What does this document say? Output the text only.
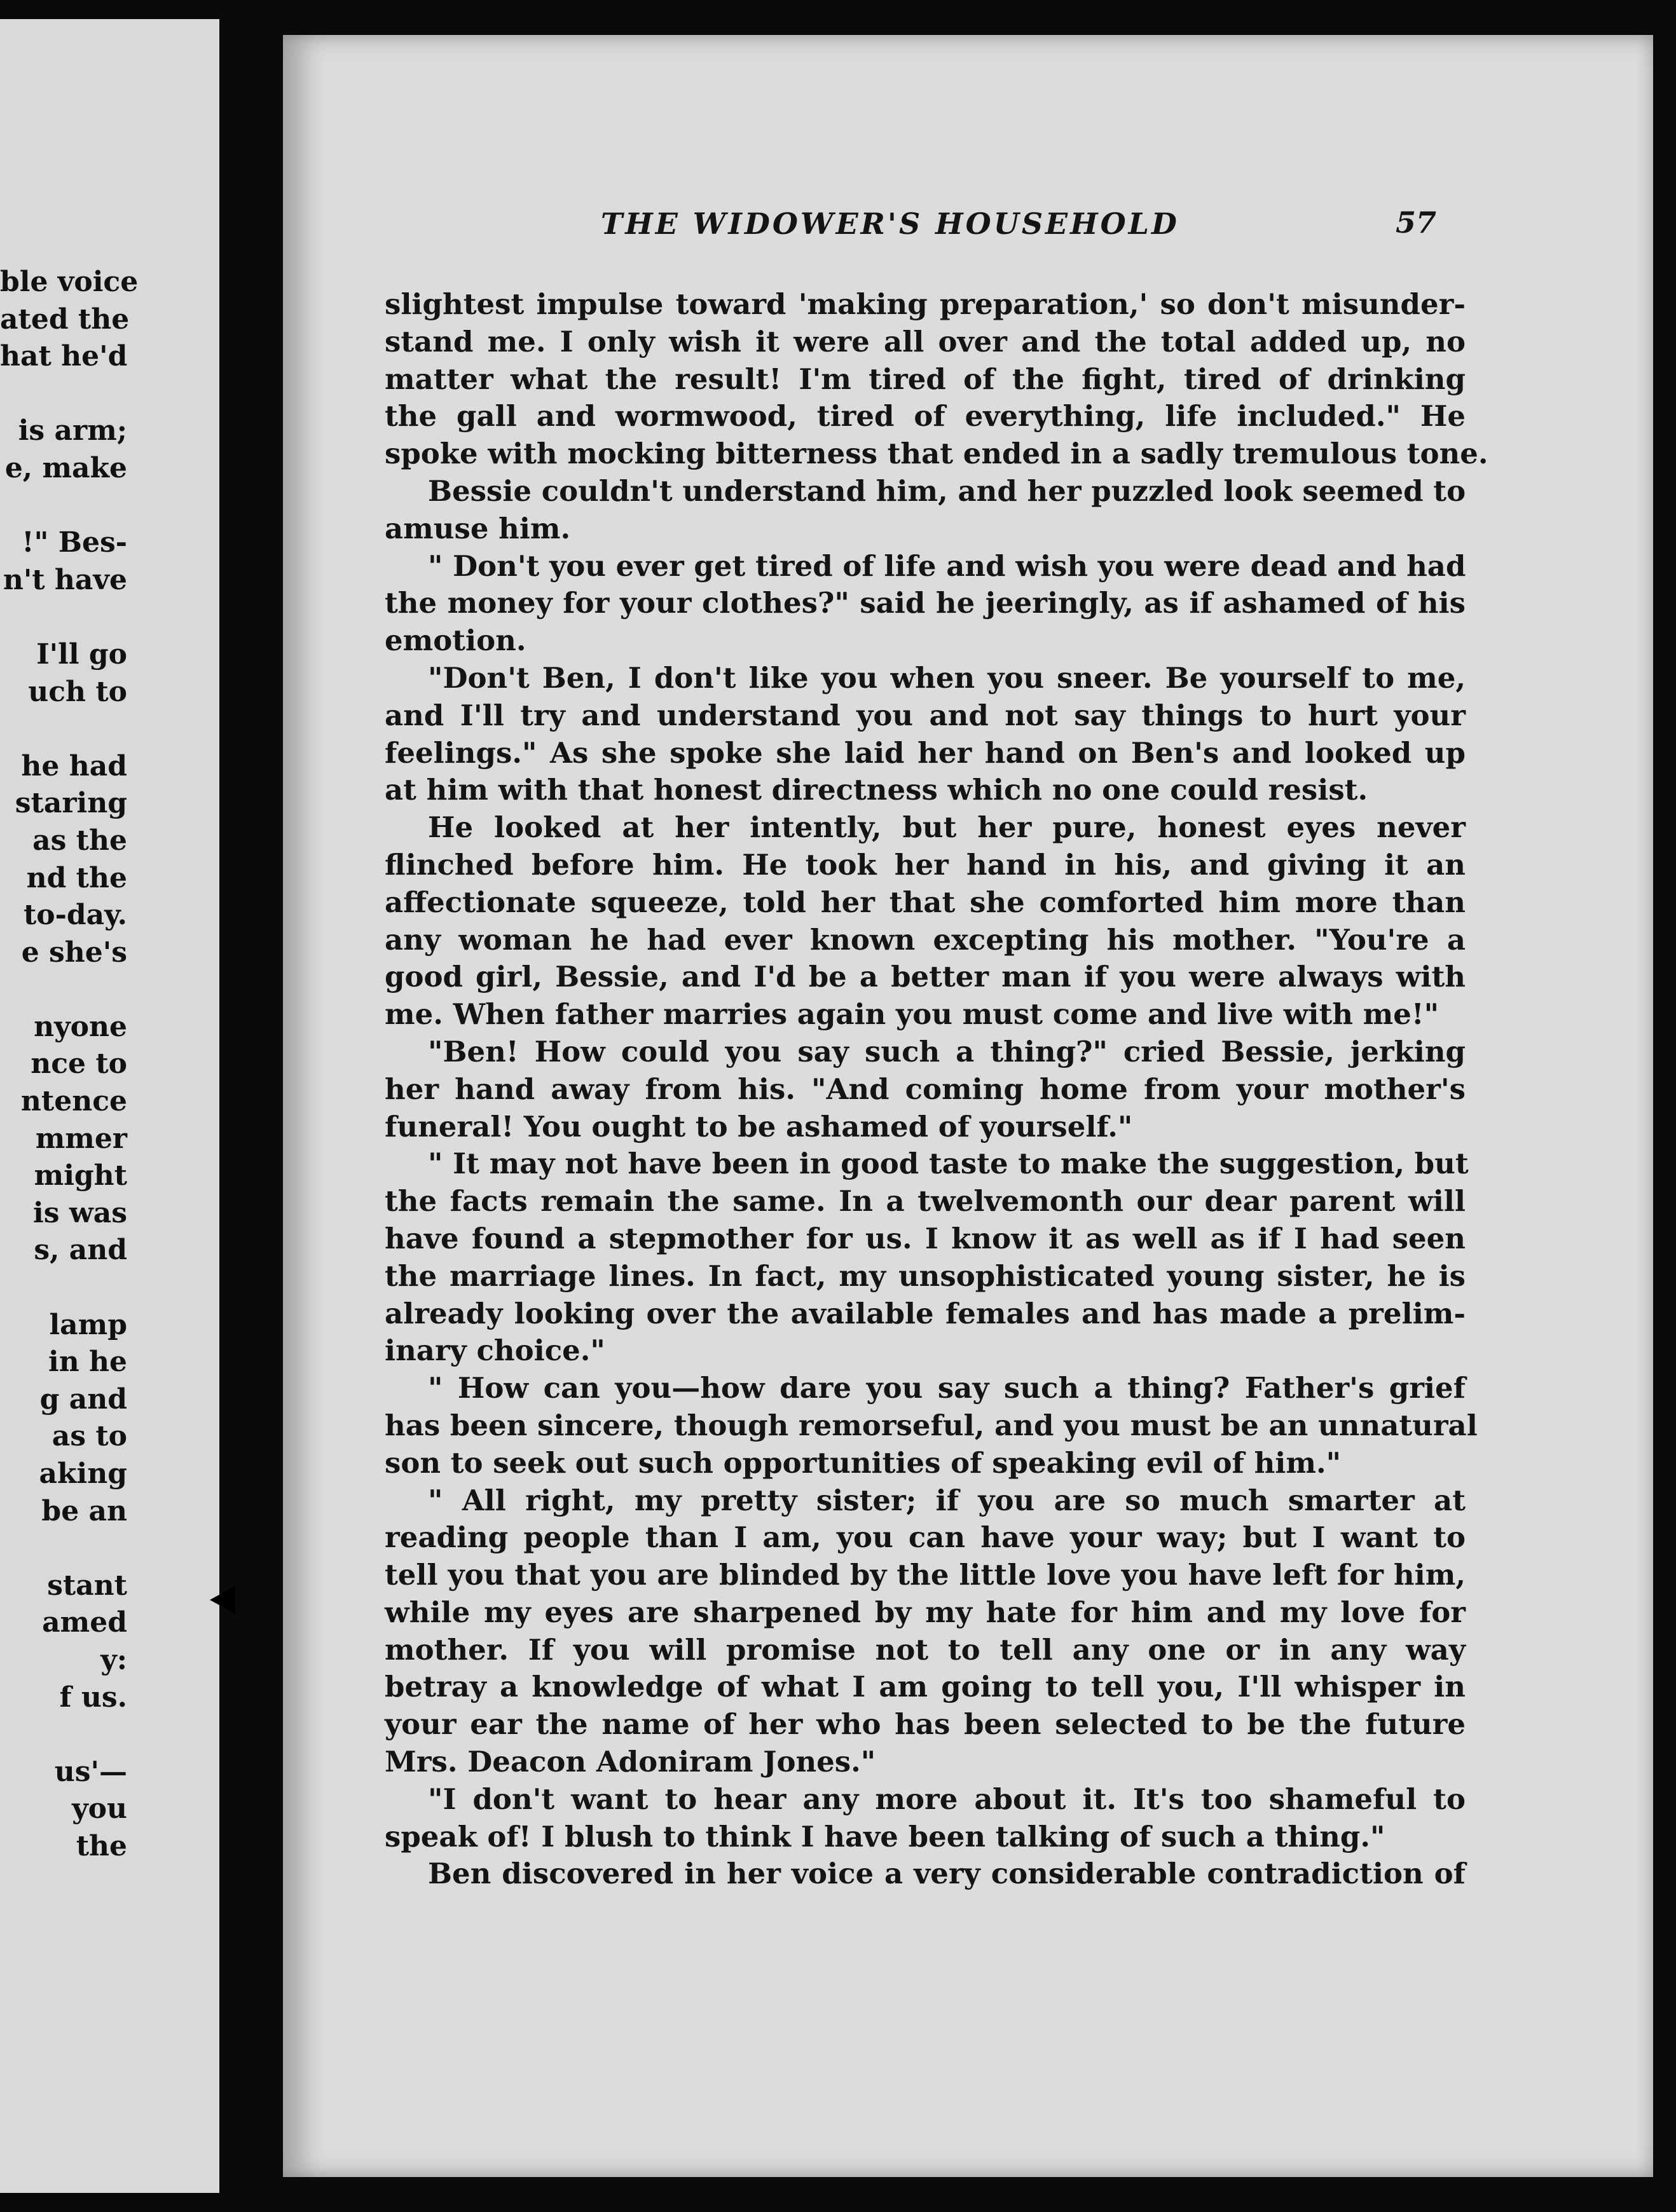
ble voice
ated the
hat he'd
is arm;
e, make
!" Bes-
n't have
I'll go
uch to
he had
staring
as the
nd the
to-day.
e she's
nyone
nce to
ntence
mmer
might
is was
s, and
lamp
in he
g and
as to
aking
be an
stant
amed
y:
f us.
us'—
you
the
THE WIDOWER'S HOUSEHOLD	57
slightest impulse toward 'making preparation,' so don't misunder-
stand me. I only wish it were all over and the total added up, no
matter what the result! I'm tired of the fight, tired of drinking
the gall and wormwood, tired of everything, life included." He
spoke with mocking bitterness that ended in a sadly tremulous tone.
Bessie couldn't understand him, and her puzzled look seemed to
amuse him.
" Don't you ever get tired of life and wish you were dead and had
the money for your clothes?" said he jeeringly, as if ashamed of his
emotion.
"Don't Ben, I don't like you when you sneer. Be yourself to me,
and I'll try and understand you and not say things to hurt your
feelings." As she spoke she laid her hand on Ben's and looked up
at him with that honest directness which no one could resist.
He looked at her intently, but her pure, honest eyes never
flinched before him. He took her hand in his, and giving it an
affectionate squeeze, told her that she comforted him more than
any woman he had ever known excepting his mother. "You're a
good girl, Bessie, and I'd be a better man if you were always with
me. When father marries again you must come and live with me!"
"Ben! How could you say such a thing?" cried Bessie, jerking
her hand away from his. "And coming home from your mother's
funeral! You ought to be ashamed of yourself."
" It may not have been in good taste to make the suggestion, but
the facts remain the same. In a twelvemonth our dear parent will
have found a stepmother for us. I know it as well as if I had seen
the marriage lines. In fact, my unsophisticated young sister, he is
already looking over the available females and has made a prelim-
inary choice."
" How can you—how dare you say such a thing? Father's grief
has been sincere, though remorseful, and you must be an unnatural
son to seek out such opportunities of speaking evil of him."
" All right, my pretty sister; if you are so much smarter at
reading people than I am, you can have your way; but I want to
tell you that you are blinded by the little love you have left for him,
while my eyes are sharpened by my hate for him and my love for
mother. If you will promise not to tell any one or in any way
betray a knowledge of what I am going to tell you, I'll whisper in
your ear the name of her who has been selected to be the future
Mrs. Deacon Adoniram Jones."
"I don't want to hear any more about it. It's too shameful to
speak of! I blush to think I have been talking of such a thing."
Ben discovered in her voice a very considerable contradiction of
